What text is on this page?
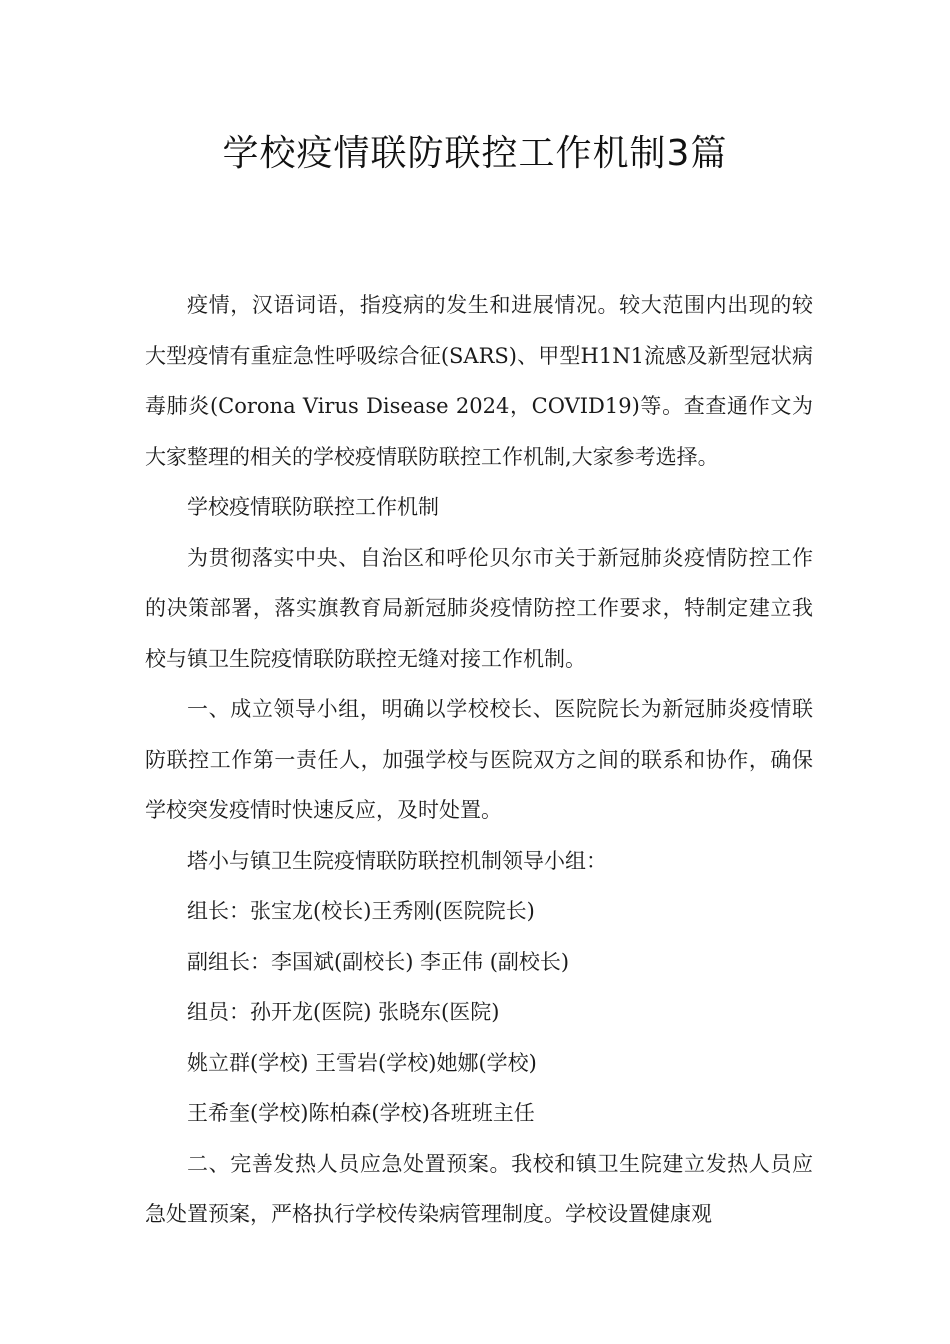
学校疫情联防联控工作机制3篇

疫情，汉语词语，指疫病的发生和进展情况。较大范围内出现的较大型疫情有重症急性呼吸综合征(SARS)、甲型H1N1流感及新型冠状病毒肺炎(Corona Virus Disease 2024，COVID19)等。查查通作文为大家整理的相关的学校疫情联防联控工作机制,大家参考选择。

学校疫情联防联控工作机制

为贯彻落实中央、自治区和呼伦贝尔市关于新冠肺炎疫情防控工作的决策部署，落实旗教育局新冠肺炎疫情防控工作要求，特制定建立我校与镇卫生院疫情联防联控无缝对接工作机制。

一、成立领导小组，明确以学校校长、医院院长为新冠肺炎疫情联防联控工作第一责任人，加强学校与医院双方之间的联系和协作，确保学校突发疫情时快速反应，及时处置。

塔小与镇卫生院疫情联防联控机制领导小组：

组长：张宝龙(校长)王秀刚(医院院长)

副组长：李国斌(副校长) 李正伟 (副校长)

组员：孙开龙(医院) 张晓东(医院)

姚立群(学校) 王雪岩(学校)她娜(学校)

王希奎(学校)陈柏森(学校)各班班主任

二、完善发热人员应急处置预案。我校和镇卫生院建立发热人员应急处置预案，严格执行学校传染病管理制度。学校设置健康观
